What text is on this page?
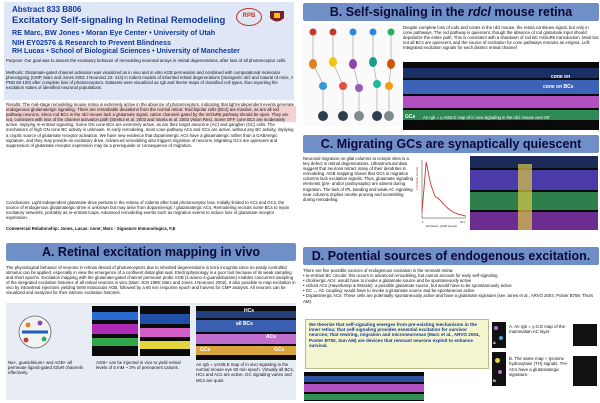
Abstract 833 B806
Excitatory Self-signaling In Retinal Remodeling
RE Marc, BW Jones • Moran Eye Center • University of Utah
NIH EY02576 & Research to Prevent Blindness
RH Lucas • School of Biological Sciences • University of Manchester
RPB
Purpose: Our goal was to assess the excitatory behavior of remodeling neuronal arrays in retinal degenerations, after loss of all photoreceptor cells.
Methods: Glutamate-gated channel activation was visualized as in vivo and in vitro AGB permeation and combined with computational molecular phenotyping (CMP, Marc and Jones 2002 J Neurosci 22: 413) in rodent models of inherited retinal degenerations (transgenic rdcl and natural rd mice, > PND 60-100) after complete loss of photoreceptors. Datasets were visualized as rgb and theme maps of classified cell types, thus reporting the excitation states of identified neuronal populations.
Results: The mid-stage remodeling mouse retina is extremely active in the absence of photoreceptors, indicating that light-independent events generate endogenous glutamatergic signaling. There are remarkable deviations from the normal retina: Rod bipolar cells (BCs) are inactive, as are all rod pathway neurons. Since rod BCs in the rdcl mouse lack a glutamate signal, cation channels gated by the mGluR6 pathway should be open. They are not, consistent with loss of the channel activation path (Strettoi et al. 2003 and Varela et al. 2003 Vision Res). Some OFF cone BCs are moderately active, implying re-entrant signaling. Some ON cone BCs are extremely active, as are their target amacrine (AC) and ganglion (GC) cells. The mechanism of high ON cone BC activity is unknown. In early remodeling, most cone-pathway ACs and GCs are active, without any BC activity, implying a cryptic source of glutamate receptor activation. We have new evidence that dopaminergic ACs have a glutamatergic rather than a GABAergic signature, and they may provide an excitatory drive. Advanced remodeling also triggers migration of neurons. Migrating GCs are quiescent and suppression of glutamate receptor expression may be a prerequisite or consequence of migration.
Conclusions: Light-independent glutamate-drive persists in the retinas of rodents after total photoreceptor loss. Initially limited to ACs and GCs, the source of endogenous glutamatergic-drive is unknown but may arise from dopaminergic / glutamatergic ACs. Remodeling recruits some BCs to rejoin excitatory networks, probably as re-entrant loops. Advanced remodeling events such as migration seems to induce loss of glutamate receptor expression.
Commercial Relationship: Jones, Lucas: none; Marc - Signature Immunologics, F,E
A. Retinal excitation mapping in vivo
The physiological behavior of neurons in retinas devoid of photoreceptors due to inherited degenerations is terra incognita since no easily controlled stimulus can be applied, especially in view the emergence of a confluent distal glial seal. Electrophysiology is a poor tool because of its weak sampling and short epochs. Excitation mapping with the glutamate-gated channel permeant probe AGB (1-amino-4-guanidobutane) enables concurrent sampling of the integrated excitation histories of all retinal neurons in vitro (Marc JCN 1999; Marc and Jones J Neurosci 2002). It also possible to map excitation in vivo by intravitreal injections yielding 5mM intraocular AGB, followed by a 60 min response epoch and harvest for CMP analysis. All neurons can be visualized and analyzed for their intrinsic excitation histories.
Na+, guanidinium+ and AGB+ all permeate ligand-gated iGluR channels effectively.
AGB+ can be injected in vivo to yield retinal levels of 5 mM ~ 3% of permanent cations.
HCs
all BCs
ACs
GCs	GCs
An rgb = γAGB.E map of in vivo signaling in the normal mouse eye 60 min epoch. Virtually all BCs, HCs and ACs are active. GC signaling varies and MCs are quiet.
B. Self-signaling in the rdcl mouse retina
Despite complete loss of rods and cones in the rdcl mouse, the retina continues signal, but only in cone pathways. The rod pathway is quiescent, though the absence of rod glutamate input should depolarize the entire path. This is consistent with a shutdown of rod BC mGluR6 transduction. Most but not all BCs are quiescent, and the source of excitation for cone pathways remains an enigma. Left: Integrated excitation signals for each distinct retinal channel
cone on
cone on BCs
GCs An rgb = γ.AGB.E map of in vivo signaling in the rdcl mouse over 60'
C. Migrating GCs are synaptically quiescent
Neuronal migration on glial columns to ectopic sites is a key defect in retinal degenerations. Ultrastructural data suggest that neurons retract many of their dendrites in remodeling. AGB mapping shows that GCs in migration columns lack excitation signals. Thus, glutamate signaling elements (pre- and/or postsynaptic) are absent during migration. The lack of IPL banding and weak AC signaling near columns implies neurite pruning and scrambling during remodeling.
Probability Density
1	201
Excitation (AGB signal)
D. Potential sources of endogenous excitation.
There are five possible sources of endogenous excitation in the remnant retina:
• re-entrant BC circuits: this occurs in advanced remodeling, but cannot account for early self-signaling
• cholinergic ACs: would have to invoke a glutamate source and be spontaneously active
• vGlut3 ACs (Haverkamp & Wässle): a possible glutamate source, but would have to be spontaneously active
• GC ↔ AC coupling: would have to invoke a glutamate source and be spontaneous active
• Dopaminergic ACs: These cells are potentially spontaneously active and have a glutamate signature (see Jones et al., ARVO 2004, Poster B759, Thurs AM).
We theorize that self-signaling emerges from pre-existing mechanisms in the inner retina; that self-signaling provides essential excitation for survivor neurons; that rewiring, migration and microneuromas (Marc et al., ARVO 2004, Poster B750, Sun AM) are devices that remnant neurons exploit to enhance survival.
A
A. An rgb = γ.G.E map of the mammalian AC layer.
B
B. The same map + tyrosine hydroxylase (TH) signals. TH+ ACs have a glutamatergic signature.
